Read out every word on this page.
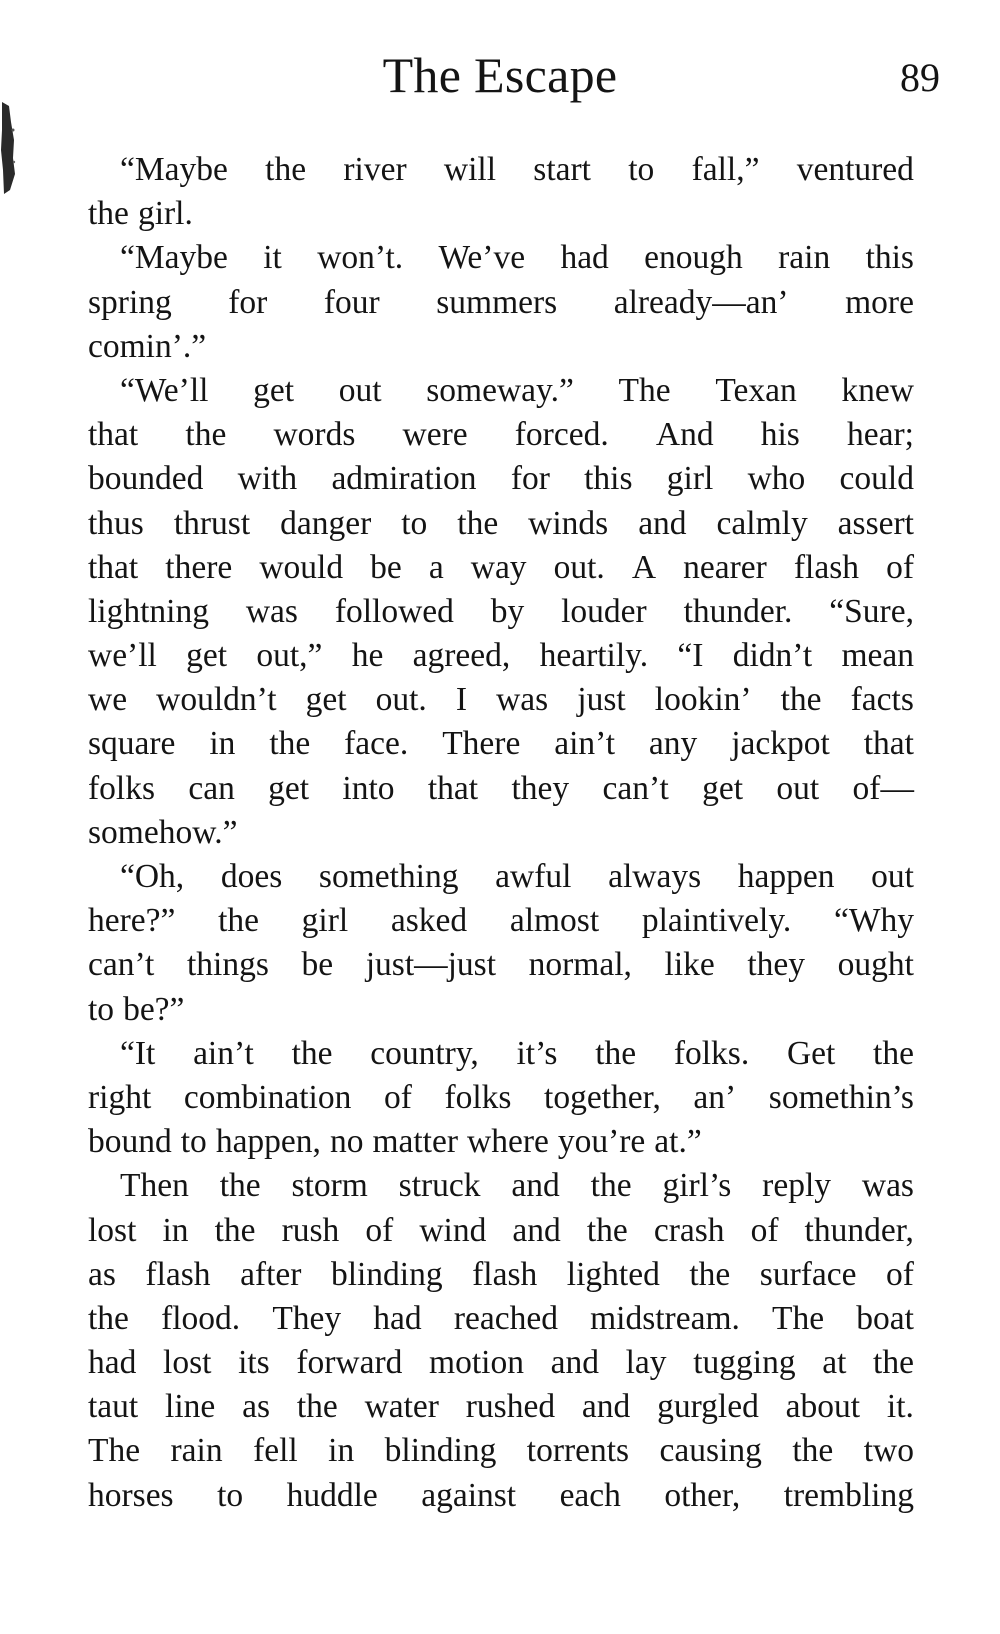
The Escape	89
“Maybe the river will start to fall,” ventured
the girl.
“Maybe it won’t. We’ve had enough rain this
spring for four summers already—an’ more
comin’.”
“We’ll get out someway.” The Texan knew
that the words were forced. And his hear;
bounded with admiration for this girl who could
thus thrust danger to the winds and calmly assert
that there would be a way out. A nearer flash of
lightning was followed by louder thunder. “Sure,
we’ll get out,” he agreed, heartily. “I didn’t mean
we wouldn’t get out. I was just lookin’ the facts
square in the face. There ain’t any jackpot that
folks can get into that they can’t get out of—
somehow.”
“Oh, does something awful always happen out
here?” the girl asked almost plaintively. “Why
can’t things be just—just normal, like they ought
to be?”
“It ain’t the country, it’s the folks. Get the
right combination of folks together, an’ somethin’s
bound to happen, no matter where you’re at.”
Then the storm struck and the girl’s reply was
lost in the rush of wind and the crash of thunder,
as flash after blinding flash lighted the surface of
the flood. They had reached midstream. The boat
had lost its forward motion and lay tugging at the
taut line as the water rushed and gurgled about it.
The rain fell in blinding torrents causing the two
horses to huddle against each other, trembling
